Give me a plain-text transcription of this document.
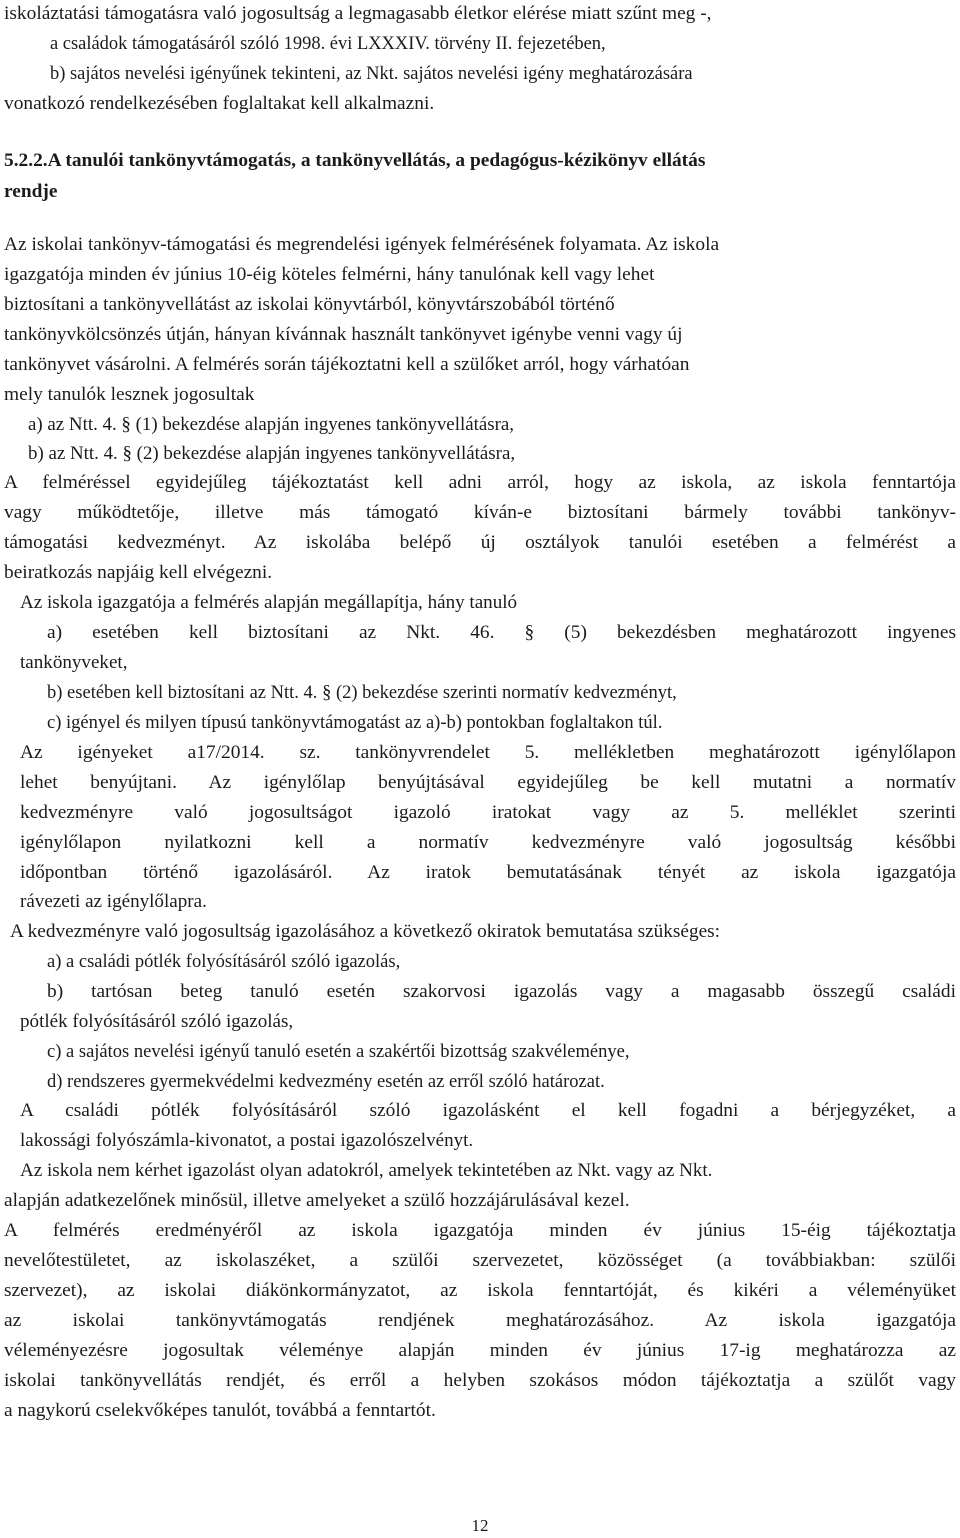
iskoláztatási támogatásra való jogosultság a legmagasabb életkor elérése miatt szűnt meg -,
a családok támogatásáról szóló 1998. évi LXXXIV. törvény II. fejezetében,
b) sajátos nevelési igényűnek tekinteni, az Nkt. sajátos nevelési igény meghatározására
vonatkozó rendelkezésében foglaltakat kell alkalmazni.
5.2.2.A tanulói tankönyvtámogatás, a tankönyvellátás, a pedagógus-kézikönyv ellátás
rendje
Az iskolai tankönyv-támogatási és megrendelési igények felmérésének folyamata. Az iskola
igazgatója minden év június 10-éig köteles felmérni, hány tanulónak kell vagy lehet
biztosítani a tankönyvellátást az iskolai könyvtárból, könyvtárszobából történő
tankönyvkölcsönzés útján, hányan kívánnak használt tankönyvet igénybe venni vagy új
tankönyvet vásárolni. A felmérés során tájékoztatni kell a szülőket arról, hogy várhatóan
mely tanulók lesznek jogosultak
a) az Ntt. 4. § (1) bekezdése alapján ingyenes tankönyvellátásra,
b) az Ntt. 4. § (2) bekezdése alapján ingyenes tankönyvellátásra,
A felméréssel egyidejűleg tájékoztatást kell adni arról, hogy az iskola, az iskola fenntartója
vagy működtetője, illetve más támogató kíván-e biztosítani bármely további tankönyv-
támogatási kedvezményt. Az iskolába belépő új osztályok tanulói esetében a felmérést a
beiratkozás napjáig kell elvégezni.
Az iskola igazgatója a felmérés alapján megállapítja, hány tanuló
a) esetében kell biztosítani az Nkt. 46. § (5) bekezdésben meghatározott ingyenes
tankönyveket,
b) esetében kell biztosítani az Ntt. 4. § (2) bekezdése szerinti normatív kedvezményt,
c) igényel és milyen típusú tankönyvtámogatást az a)-b) pontokban foglaltakon túl.
Az igényeket a17/2014. sz. tankönyvrendelet 5. mellékletben meghatározott igénylőlapon
lehet benyújtani. Az igénylőlap benyújtásával egyidejűleg be kell mutatni a normatív
kedvezményre való jogosultságot igazoló iratokat vagy az 5. melléklet szerinti
igénylőlapon nyilatkozni kell a normatív kedvezményre való jogosultság későbbi
időpontban történő igazolásáról. Az iratok bemutatásának tényét az iskola igazgatója
rávezeti az igénylőlapra.
A kedvezményre való jogosultság igazolásához a következő okiratok bemutatása szükséges:
a) a családi pótlék folyósításáról szóló igazolás,
b) tartósan beteg tanuló esetén szakorvosi igazolás vagy a magasabb összegű családi
pótlék folyósításáról szóló igazolás,
c) a sajátos nevelési igényű tanuló esetén a szakértői bizottság szakvéleménye,
d) rendszeres gyermekvédelmi kedvezmény esetén az erről szóló határozat.
A családi pótlék folyósításáról szóló igazolásként el kell fogadni a bérjegyzéket, a
lakossági folyószámla-kivonatot, a postai igazolószelvényt.
Az iskola nem kérhet igazolást olyan adatokról, amelyek tekintetében az Nkt. vagy az Nkt.
alapján adatkezelőnek minősül, illetve amelyeket a szülő hozzájárulásával kezel.
A felmérés eredményéről az iskola igazgatója minden év június 15-éig tájékoztatja
nevelőtestületet, az iskolaszéket, a szülői szervezetet, közösséget (a továbbiakban: szülői
szervezet), az iskolai diákönkormányzatot, az iskola fenntartóját, és kikéri a véleményüket
az iskolai tankönyvtámogatás rendjének meghatározásához. Az iskola igazgatója
véleményezésre jogosultak véleménye alapján minden év június 17-ig meghatározza az
iskolai tankönyvellátás rendjét, és erről a helyben szokásos módon tájékoztatja a szülőt vagy
a nagykorú cselekvőképes tanulót, továbbá a fenntartót.
12
